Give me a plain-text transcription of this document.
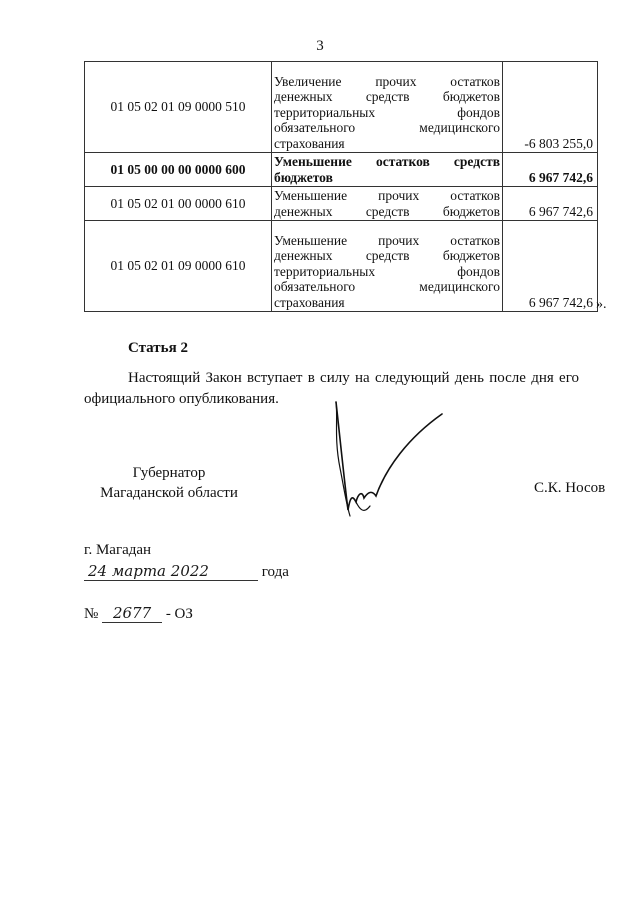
3
01 05 02 01 09 0000 510	Увеличение прочих остатков денежных средств бюджетов территориальных фондов обязательного медицинского страхования	-6 803 255,0
01 05 00 00 00 0000 600	Уменьшение остатков средств бюджетов	6 967 742,6
01 05 02 01 00 0000 610	Уменьшение прочих остатков денежных средств бюджетов	6 967 742,6
01 05 02 01 09 0000 610	Уменьшение прочих остатков денежных средств бюджетов территориальных фондов обязательного медицинского страхования	6 967 742,6 ».
Статья 2
Настоящий Закон вступает в силу на следующий день после дня его официального опубликования.
Губернатор
Магаданской области	С.К. Носов
г. Магадан
24 марта 2022	года
№ 2677 - ОЗ
